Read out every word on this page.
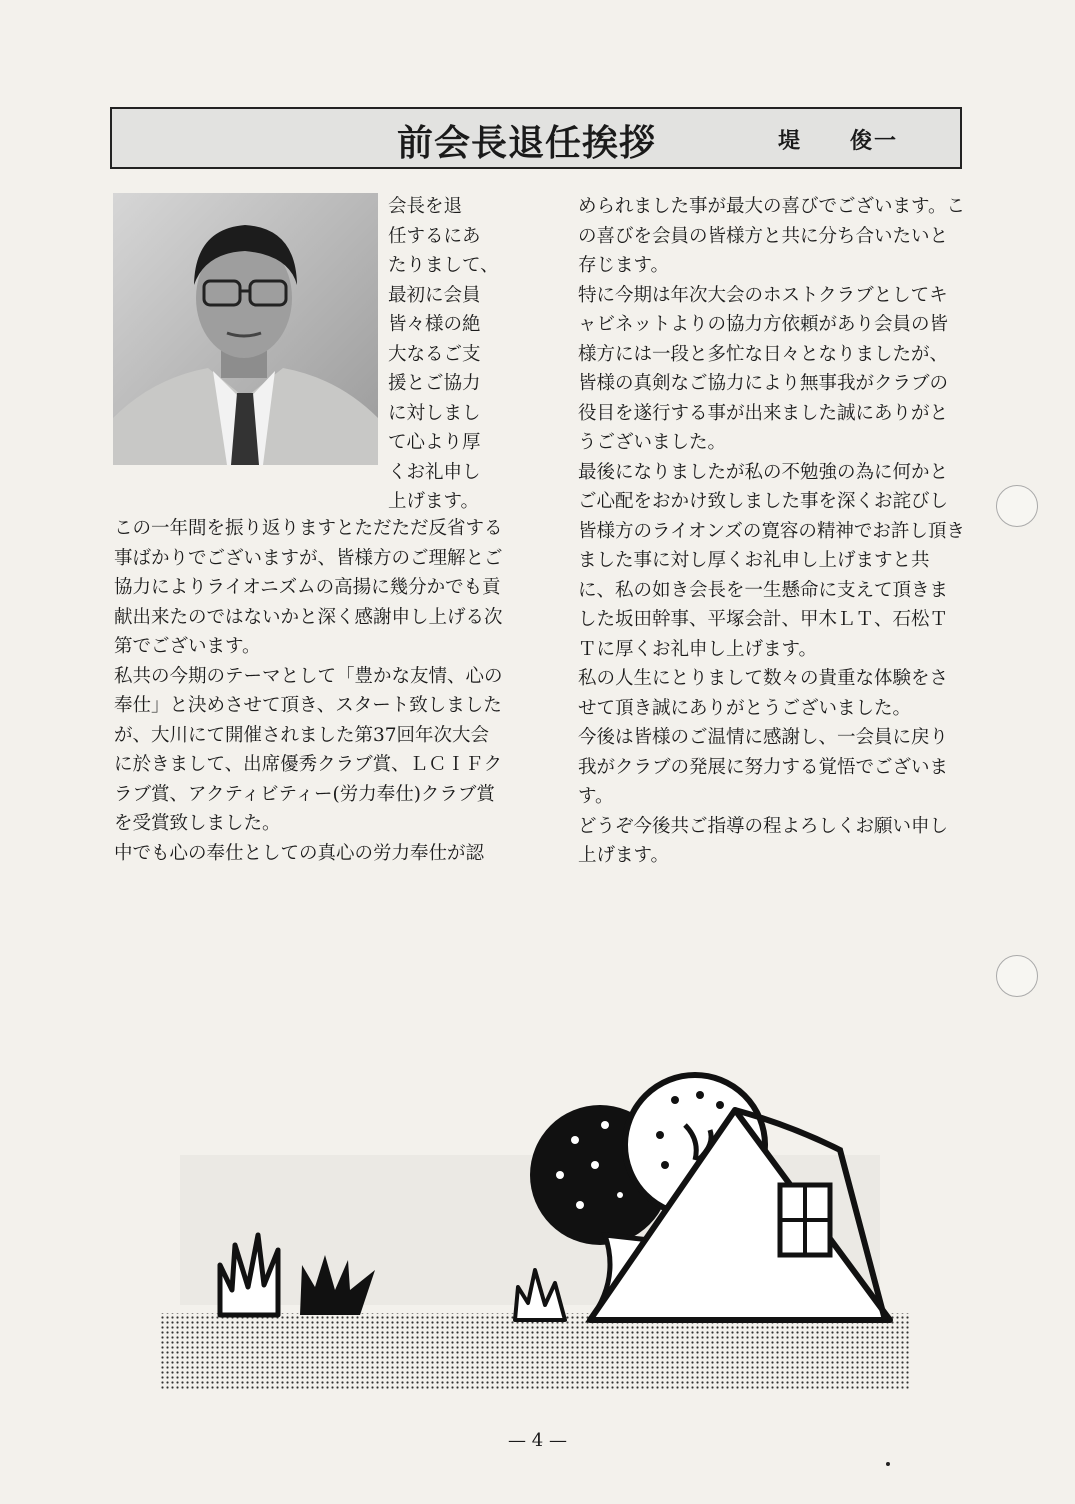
前会長退任挨拶	堤　　俊一

会長を退

任するにあ

たりまして、

最初に会員

皆々様の絶

大なるご支

援とご協力

に対しまし

て心より厚

くお礼申し

上げます。

この一年間を振り返りますとただただ反省する事ばかりでございますが、皆様方のご理解とご協力によりライオニズムの高揚に幾分かでも貢献出来たのではないかと深く感謝申し上げる次第でございます。

私共の今期のテーマとして「豊かな友情、心の奉仕」と決めさせて頂き、スタート致しましたが、大川にて開催されました第37回年次大会に於きまして、出席優秀クラブ賞、ＬＣＩＦクラブ賞、アクティビティー(労力奉仕)クラブ賞を受賞致しました。

中でも心の奉仕としての真心の労力奉仕が認

められました事が最大の喜びでございます。この喜びを会員の皆様方と共に分ち合いたいと存じます。

特に今期は年次大会のホストクラブとしてキャビネットよりの協力方依頼があり会員の皆様方には一段と多忙な日々となりましたが、皆様の真剣なご協力により無事我がクラブの役目を遂行する事が出来ました誠にありがとうございました。

最後になりましたが私の不勉強の為に何かとご心配をおかけ致しました事を深くお詫びし皆様方のライオンズの寛容の精神でお許し頂きました事に対し厚くお礼申し上げますと共に、私の如き会長を一生懸命に支えて頂きました坂田幹事、平塚会計、甲木ＬＴ、石松ＴＴに厚くお礼申し上げます。

私の人生にとりまして数々の貴重な体験をさせて頂き誠にありがとうございました。

今後は皆様のご温情に感謝し、一会員に戻り我がクラブの発展に努力する覚悟でございます。

どうぞ今後共ご指導の程よろしくお願い申し上げます。

— 4 —
